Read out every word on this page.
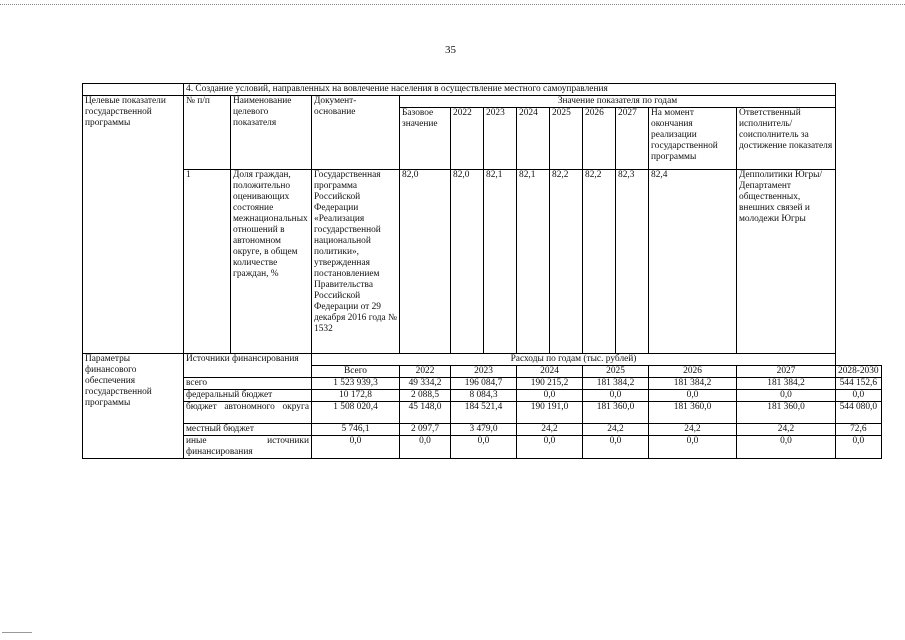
35
	4. Создание условий, направленных на вовлечение населения в осуществление местного самоуправления												
Целевые показатели государственной программы	№ п/п	Наименование целевого показателя	Документ-основание	Значение показателя по годам									
				Базовое значение	2022	2023	2024	2025	2026	2027	На момент окончания реализации государственной программы	Ответственный исполнитель/ соисполнитель за достижение показателя	
	1	Доля граждан, положительно оценивающих состояние межнациональных отношений в автономном округе, в общем количестве граждан, %	Государственная программа Российской Федерации «Реализация государственной национальной политики», утвержденная постановлением Правительства Российской Федерации от 29 декабря 2016 года № 1532	82,0	82,0	82,1	82,1	82,2	82,2	82,3	82,4	Депполитики Югры/Департамент общественных, внешних связей и молодежи Югры	
Параметры финансового обеспечения государственной программы	Источники финансирования		Расходы по годам (тыс. рублей)										
			Всего	2022	2023		2024		2025		2026	2027	2028-2030
	всего		1 523 939,3	49 334,2	196 084,7		190 215,2		181 384,2		181 384,2	181 384,2	544 152,6
	федеральный бюджет		10 172,8	2 088,5	8 084,3		0,0		0,0		0,0	0,0	0,0
	бюджет автономного округа		1 508 020,4	45 148,0	184 521,4		190 191,0		181 360,0		181 360,0	181 360,0	544 080,0
	местный бюджет		5 746,1	2 097,7	3 479,0		24,2		24,2		24,2	24,2	72,6
	иные источники финансирования		0,0	0,0	0,0		0,0		0,0		0,0	0,0	0,0
